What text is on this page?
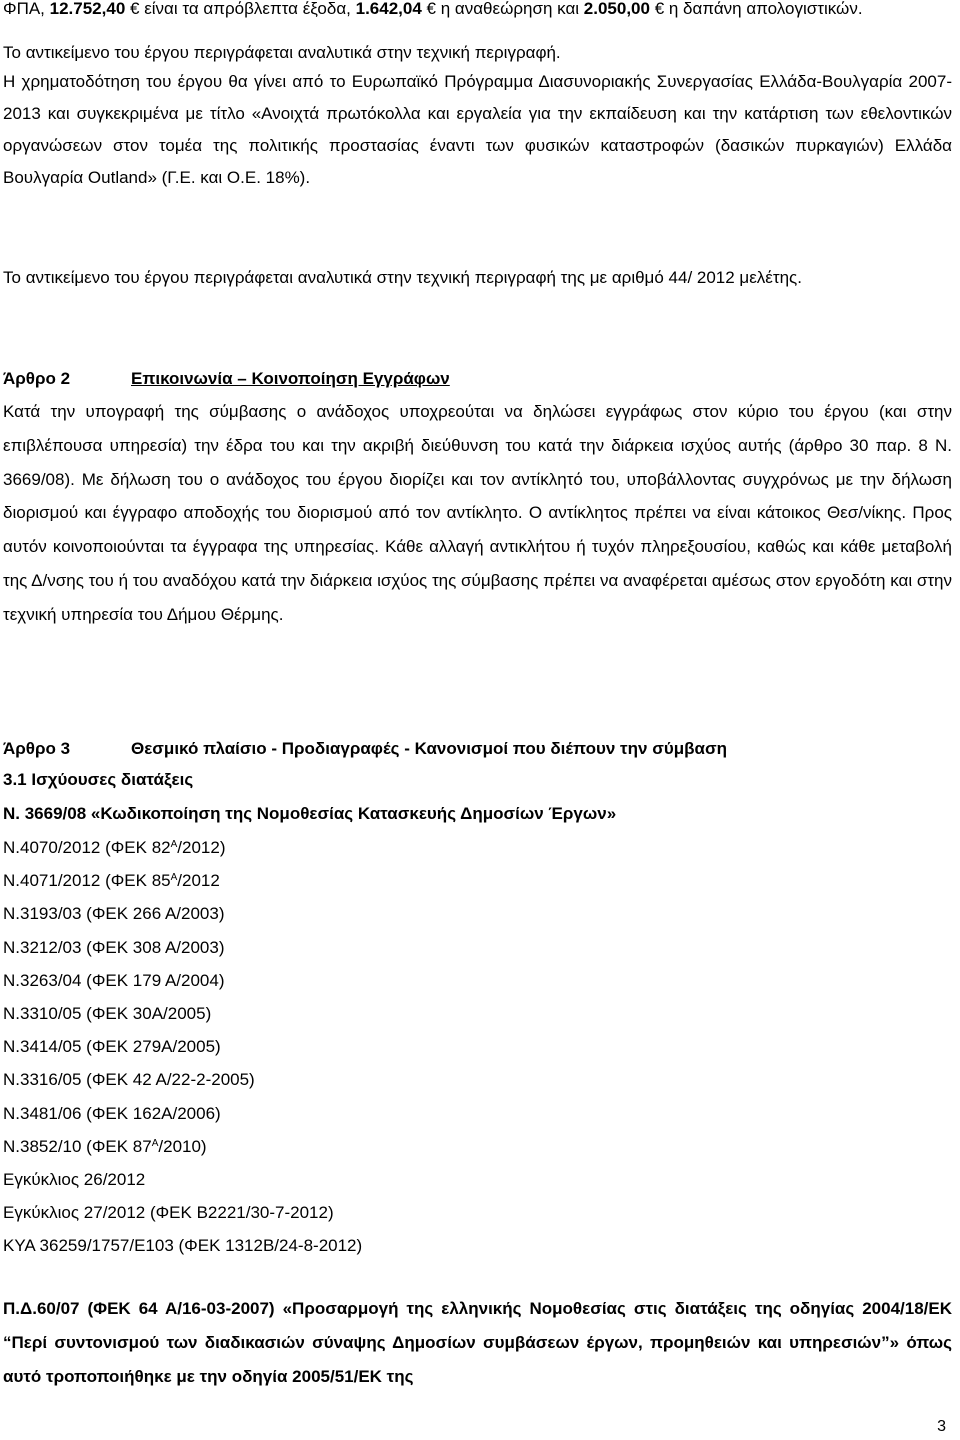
ΦΠΑ, 12.752,40 € είναι τα απρόβλεπτα έξοδα, 1.642,04 € η αναθεώρηση και 2.050,00 € η δαπάνη απολογιστικών.

Το αντικείμενο του έργου περιγράφεται αναλυτικά στην τεχνική περιγραφή.

Η χρηματοδότηση του έργου θα γίνει από το Ευρωπαϊκό Πρόγραμμα Διασυνοριακής Συνεργασίας Ελλάδα-Βουλγαρία 2007-2013 και συγκεκριμένα με τίτλο «Ανοιχτά πρωτόκολλα και εργαλεία για την εκπαίδευση και την κατάρτιση των εθελοντικών οργανώσεων στον τομέα της πολιτικής προστασίας έναντι των φυσικών καταστροφών (δασικών πυρκαγιών) Ελλάδα Βουλγαρία Outland» (Γ.Ε. και Ο.Ε. 18%).

Το αντικείμενο του έργου περιγράφεται αναλυτικά στην τεχνική περιγραφή της με αριθμό 44/ 2012 μελέτης.

Άρθρο 2	Επικοινωνία – Κοινοποίηση Εγγράφων

Κατά την υπογραφή της σύμβασης ο ανάδοχος υποχρεούται να δηλώσει εγγράφως στον κύριο του έργου (και στην επιβλέπουσα υπηρεσία) την έδρα του και την ακριβή διεύθυνση του κατά την διάρκεια ισχύος αυτής (άρθρο 30 παρ. 8 Ν. 3669/08). Με δήλωση του ο ανάδοχος του έργου διορίζει και τον αντίκλητό του, υποβάλλοντας συγχρόνως με την δήλωση διορισμού και έγγραφο αποδοχής του διορισμού από τον αντίκλητο. Ο αντίκλητος πρέπει να είναι κάτοικος Θεσ/νίκης. Προς αυτόν κοινοποιούνται τα έγγραφα της υπηρεσίας. Κάθε αλλαγή αντικλήτου ή τυχόν πληρεξουσίου, καθώς και κάθε μεταβολή της Δ/νσης του ή του αναδόχου κατά την διάρκεια ισχύος της σύμβασης πρέπει να αναφέρεται αμέσως στον εργοδότη και στην τεχνική υπηρεσία του Δήμου Θέρμης.

Άρθρο 3	Θεσμικό πλαίσιο - Προδιαγραφές - Κανονισμοί που διέπουν την σύμβαση
3.1 Ισχύουσες διατάξεις
Ν. 3669/08 «Κωδικοποίηση της Νομοθεσίας Κατασκευής Δημοσίων Έργων»
Ν.4070/2012 (ΦΕΚ $82^A/2012$)
Ν.4071/2012 (ΦΕΚ $85^A/2012$
Ν.3193/03 (ΦΕΚ 266 Α/2003)
Ν.3212/03 (ΦΕΚ 308 Α/2003)
Ν.3263/04 (ΦΕΚ 179 Α/2004)
Ν.3310/05 (ΦΕΚ 30Α/2005)
Ν.3414/05 (ΦΕΚ 279Α/2005)
Ν.3316/05 (ΦΕΚ 42 Α/22-2-2005)
Ν.3481/06 (ΦΕΚ 162Α/2006)
Ν.3852/10 (ΦΕΚ $87^A/2010$)
Εγκύκλιος 26/2012
Εγκύκλιος 27/2012 (ΦΕΚ Β2221/30-7-2012)
ΚΥΑ 36259/1757/Ε103 (ΦΕΚ 1312Β/24-8-2012)

Π.Δ.60/07 (ΦΕΚ 64 Α/16-03-2007) «Προσαρμογή της ελληνικής Νομοθεσίας στις διατάξεις της οδηγίας 2004/18/ΕΚ “Περί συντονισμού των διαδικασιών σύναψης Δημοσίων συμβάσεων έργων, προμηθειών και υπηρεσιών”» όπως αυτό τροποποιήθηκε με την οδηγία 2005/51/ΕΚ της

3
